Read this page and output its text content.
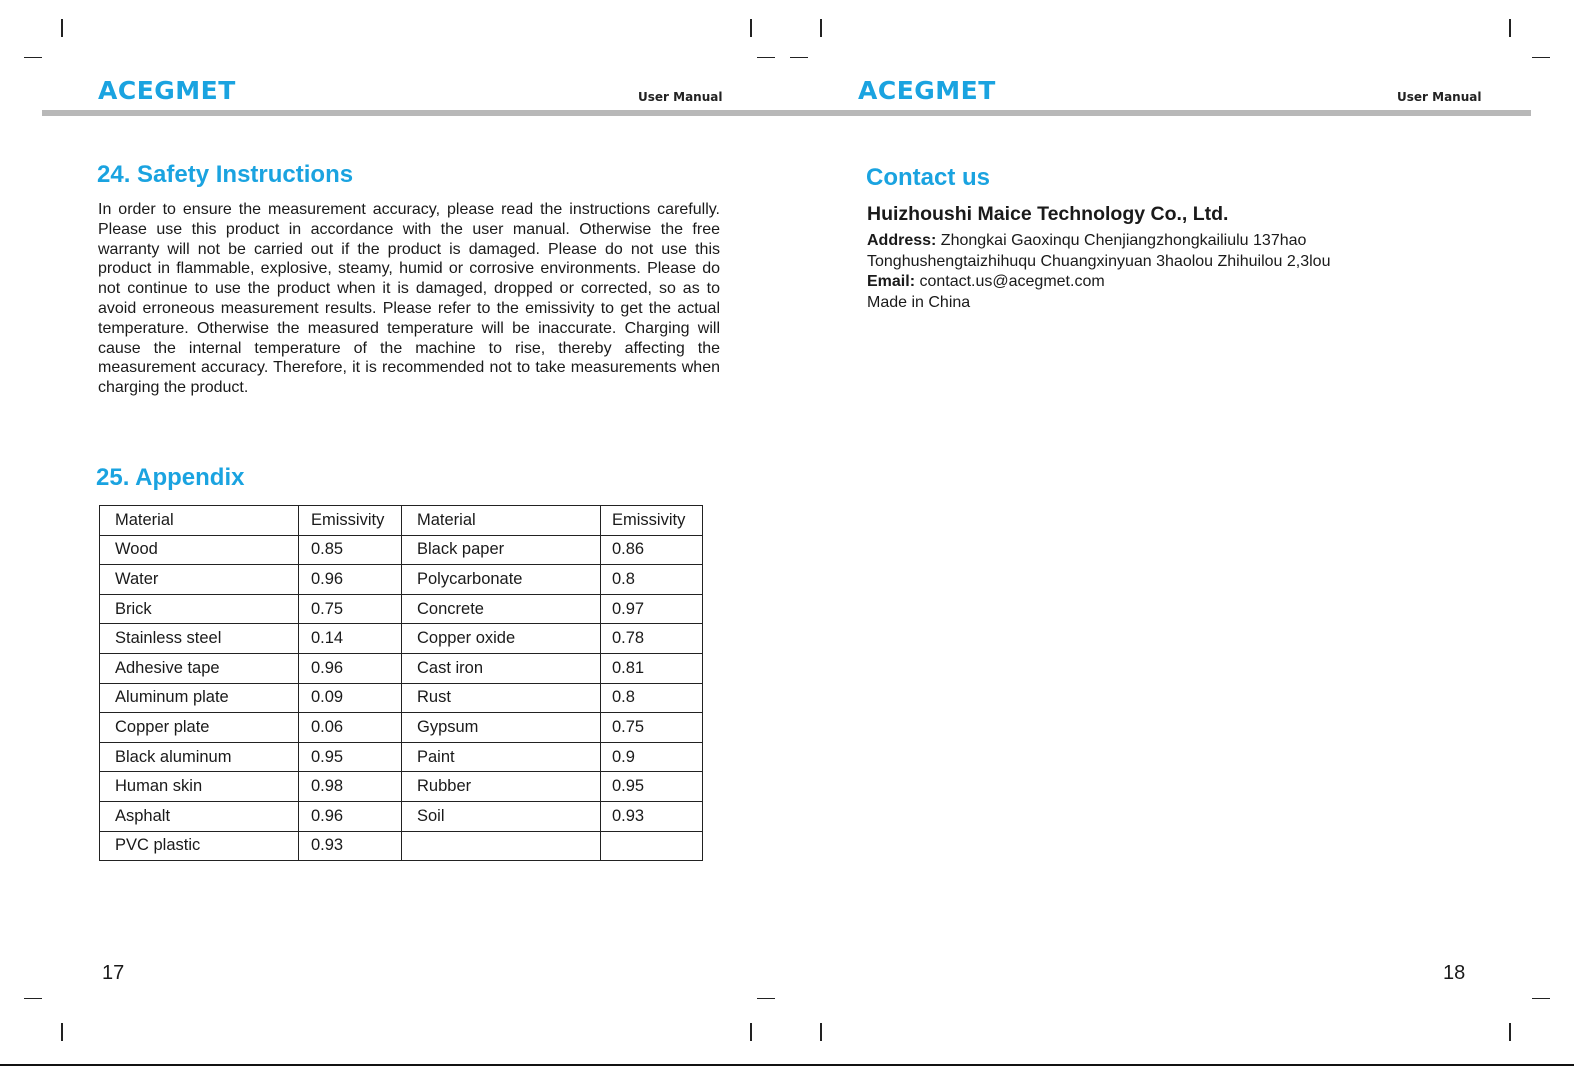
ACEGMET	User Manual	ACEGMET	User Manual
24. Safety Instructions

In order to ensure the measurement accuracy, please read the instructions carefully. Please use this product in accordance with the user manual. Otherwise the free warranty will not be carried out if the product is damaged. Please do not use this product in flammable, explosive, steamy, humid or corrosive environments. Please do not continue to use the product when it is damaged, dropped or corrected, so as to avoid erroneous measurement results. Please refer to the emissivity to get the actual temperature. Otherwise the measured temperature will be inaccurate. Charging will cause the internal temperature of the machine to rise, thereby affecting the measurement accuracy. Therefore, it is recommended not to take measurements when charging the product.

25. Appendix
Material	Emissivity	Material	Emissivity
Wood	0.85	Black paper	0.86
Water	0.96	Polycarbonate	0.8
Brick	0.75	Concrete	0.97
Stainless steel	0.14	Copper oxide	0.78
Adhesive tape	0.96	Cast iron	0.81
Aluminum plate	0.09	Rust	0.8
Copper plate	0.06	Gypsum	0.75
Black aluminum	0.95	Paint	0.9
Human skin	0.98	Rubber	0.95
Asphalt	0.96	Soil	0.93
PVC plastic	0.93		
17
Contact us

Huizhoushi Maice Technology Co., Ltd.

Address: Zhongkai Gaoxinqu Chenjiangzhongkailiulu 137hao
Tonghushengtaizhihuqu Chuangxinyuan 3haolou Zhihuilou 2,3lou
Email: contact.us@acegmet.com
Made in China
18
